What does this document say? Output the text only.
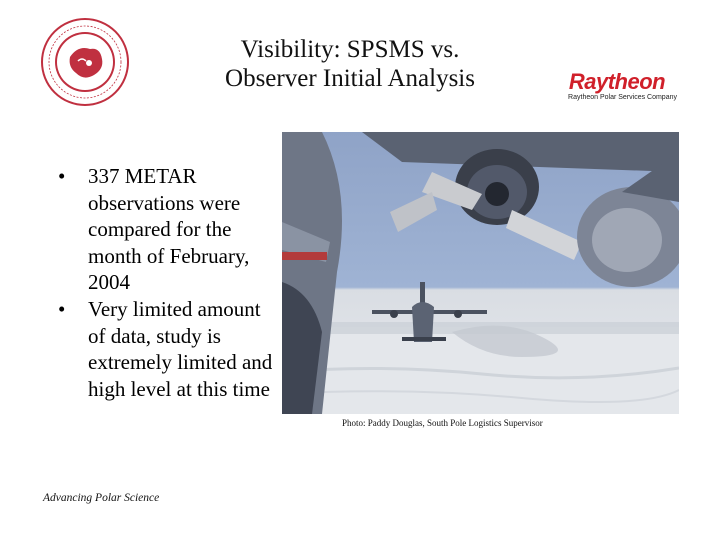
Visibility: SPSMS vs.
Observer Initial Analysis	Raytheon
Raytheon Polar Services Company
• 337 METAR observations were compared for the month of February, 2004
• Very limited amount of data, study is extremely limited and high level at this time
Photo: Paddy Douglas, South Pole Logistics Supervisor
Advancing Polar Science
